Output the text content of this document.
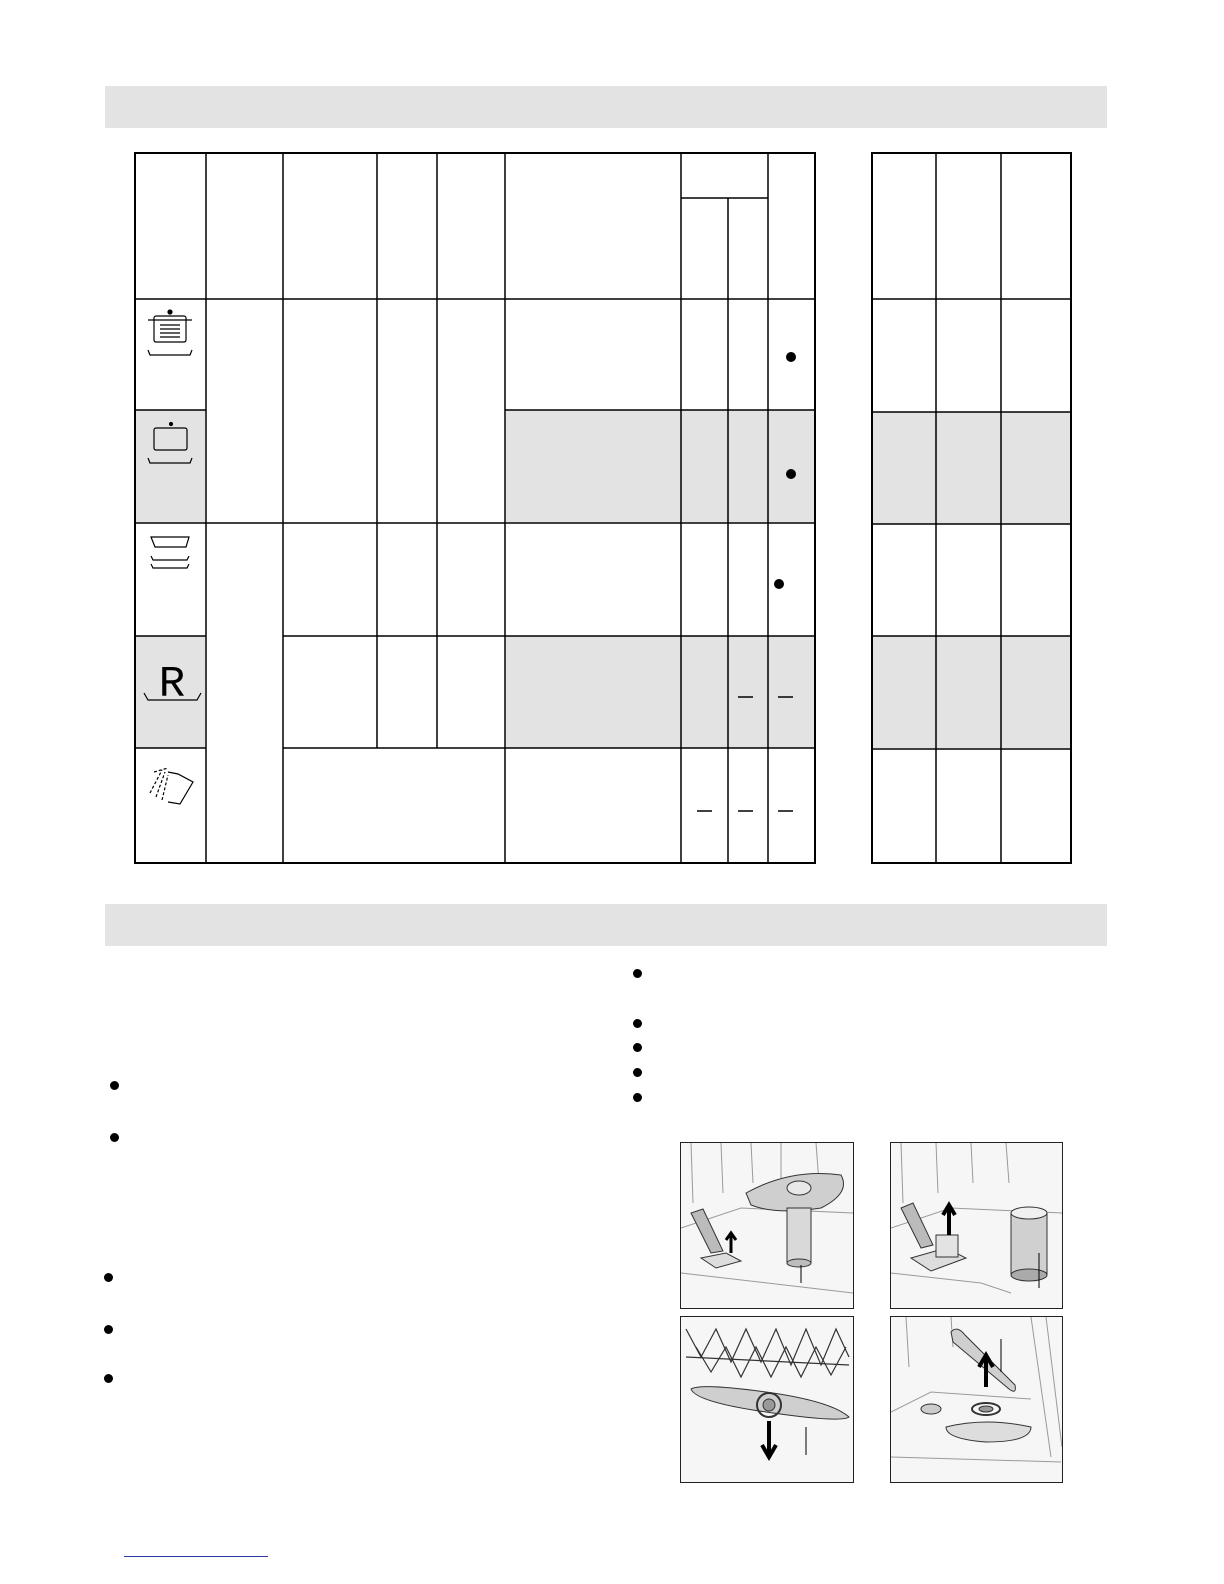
R
